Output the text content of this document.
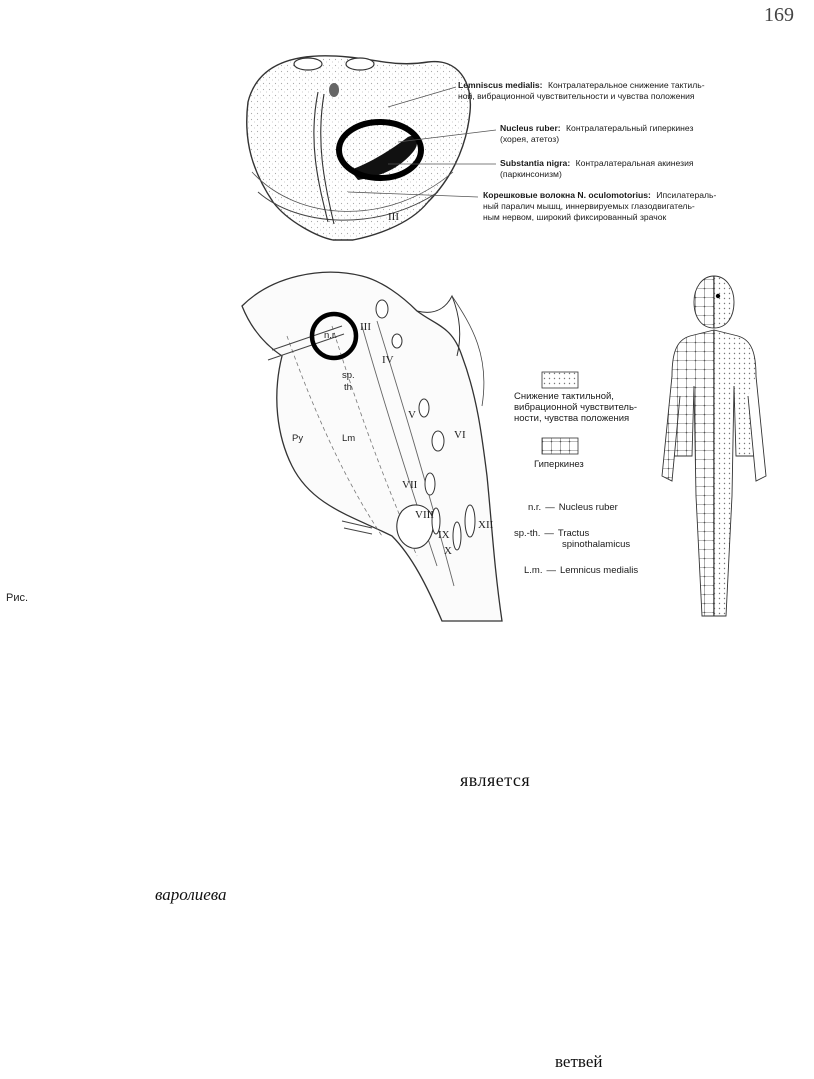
169
III
Lemniscus medialis: Контралатеральное снижение тактиль-
ной, вибрационной чувствительности и чувства положения
Nucleus ruber: Контралатеральный гиперкинез
(хорея, атетоз)
Substantia nigra: Контралатеральная акинезия
(паркинсонизм)
Корешковые волокна N. oculomotorius: Ипсилатераль-
ный паралич мышц, иннервируемых глазодвигатель-
ным нервом, широкий фиксированный зрачок
n.r.
sp.
th
Lm
Py
III
IV
V
VI
VII
VIII
IX
X
XII
Снижение тактильной,
вибрационной чувствитель-
ности, чувства положения
Гиперкинез
n.r. — Nucleus ruber
sp.-th. — Tractus
spinothalamicus
L.m. — Lemnicus medialis
Рис.
является
варолиева
ветвей
